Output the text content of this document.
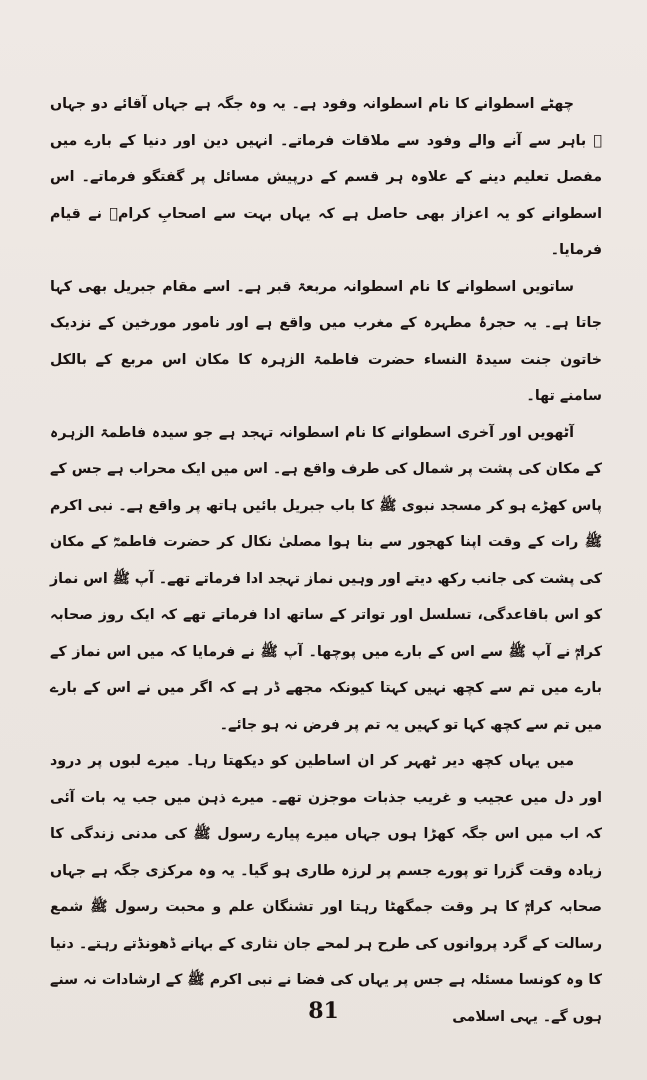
چھٹے اسطوانے کا نام اسطوانہ وفود ہے۔ یہ وہ جگہ ہے جہاں آقائے دو جہاں ﷺ باہر سے آنے والے وفود سے ملاقات فرماتے۔ انہیں دین اور دنیا کے بارے میں مفصل تعلیم دینے کے علاوہ ہر قسم کے درپیش مسائل پر گفتگو فرماتے۔ اس اسطوانے کو یہ اعزاز بھی حاصل ہے کہ یہاں بہت سے اصحابِ کرامؓ نے قیام فرمایا۔

ساتویں اسطوانے کا نام اسطوانہ مربعۃ قبر ہے۔ اسے مقام جبریل بھی کہا جاتا ہے۔ یہ حجرۂ مطہرہ کے مغرب میں واقع ہے اور نامور مورخین کے نزدیک خاتون جنت سیدۃ النساء حضرت فاطمۃ الزہرہ کا مکان اس مربع کے بالکل سامنے تھا۔

آٹھویں اور آخری اسطوانے کا نام اسطوانہ تہجد ہے جو سیدہ فاطمۃ الزہرہ کے مکان کی پشت پر شمال کی طرف واقع ہے۔ اس میں ایک محراب ہے جس کے پاس کھڑے ہو کر مسجد نبوی ﷺ کا باب جبریل بائیں ہاتھ پر واقع ہے۔ نبی اکرم ﷺ رات کے وقت اپنا کھجور سے بنا ہوا مصلیٰ نکال کر حضرت فاطمہؓ کے مکان کی پشت کی جانب رکھ دیتے اور وہیں نماز تہجد ادا فرماتے تھے۔ آپ ﷺ اس نماز کو اس باقاعدگی، تسلسل اور تواتر کے ساتھ ادا فرماتے تھے کہ ایک روز صحابہ کرامؓ نے آپ ﷺ سے اس کے بارے میں پوچھا۔ آپ ﷺ نے فرمایا کہ میں اس نماز کے بارے میں تم سے کچھ نہیں کہتا کیونکہ مجھے ڈر ہے کہ اگر میں نے اس کے بارے میں تم سے کچھ کہا تو کہیں یہ تم پر فرض نہ ہو جائے۔

میں یہاں کچھ دیر ٹھہر کر ان اساطین کو دیکھتا رہا۔ میرے لبوں پر درود اور دل میں عجیب و غریب جذبات موجزن تھے۔ میرے ذہن میں جب یہ بات آئی کہ اب میں اس جگہ کھڑا ہوں جہاں میرے پیارے رسول ﷺ کی مدنی زندگی کا زیادہ وقت گزرا تو پورے جسم پر لرزہ طاری ہو گیا۔ یہ وہ مرکزی جگہ ہے جہاں صحابہ کرامؓ کا ہر وقت جمگھٹا رہتا اور تشنگان علم و محبت رسول ﷺ شمع رسالت کے گرد پروانوں کی طرح ہر لمحے جان نثاری کے بہانے ڈھونڈتے رہتے۔ دنیا کا وہ کونسا مسئلہ ہے جس پر یہاں کی فضا نے نبی اکرم ﷺ کے ارشادات نہ سنے ہوں گے۔ یہی اسلامی

81
